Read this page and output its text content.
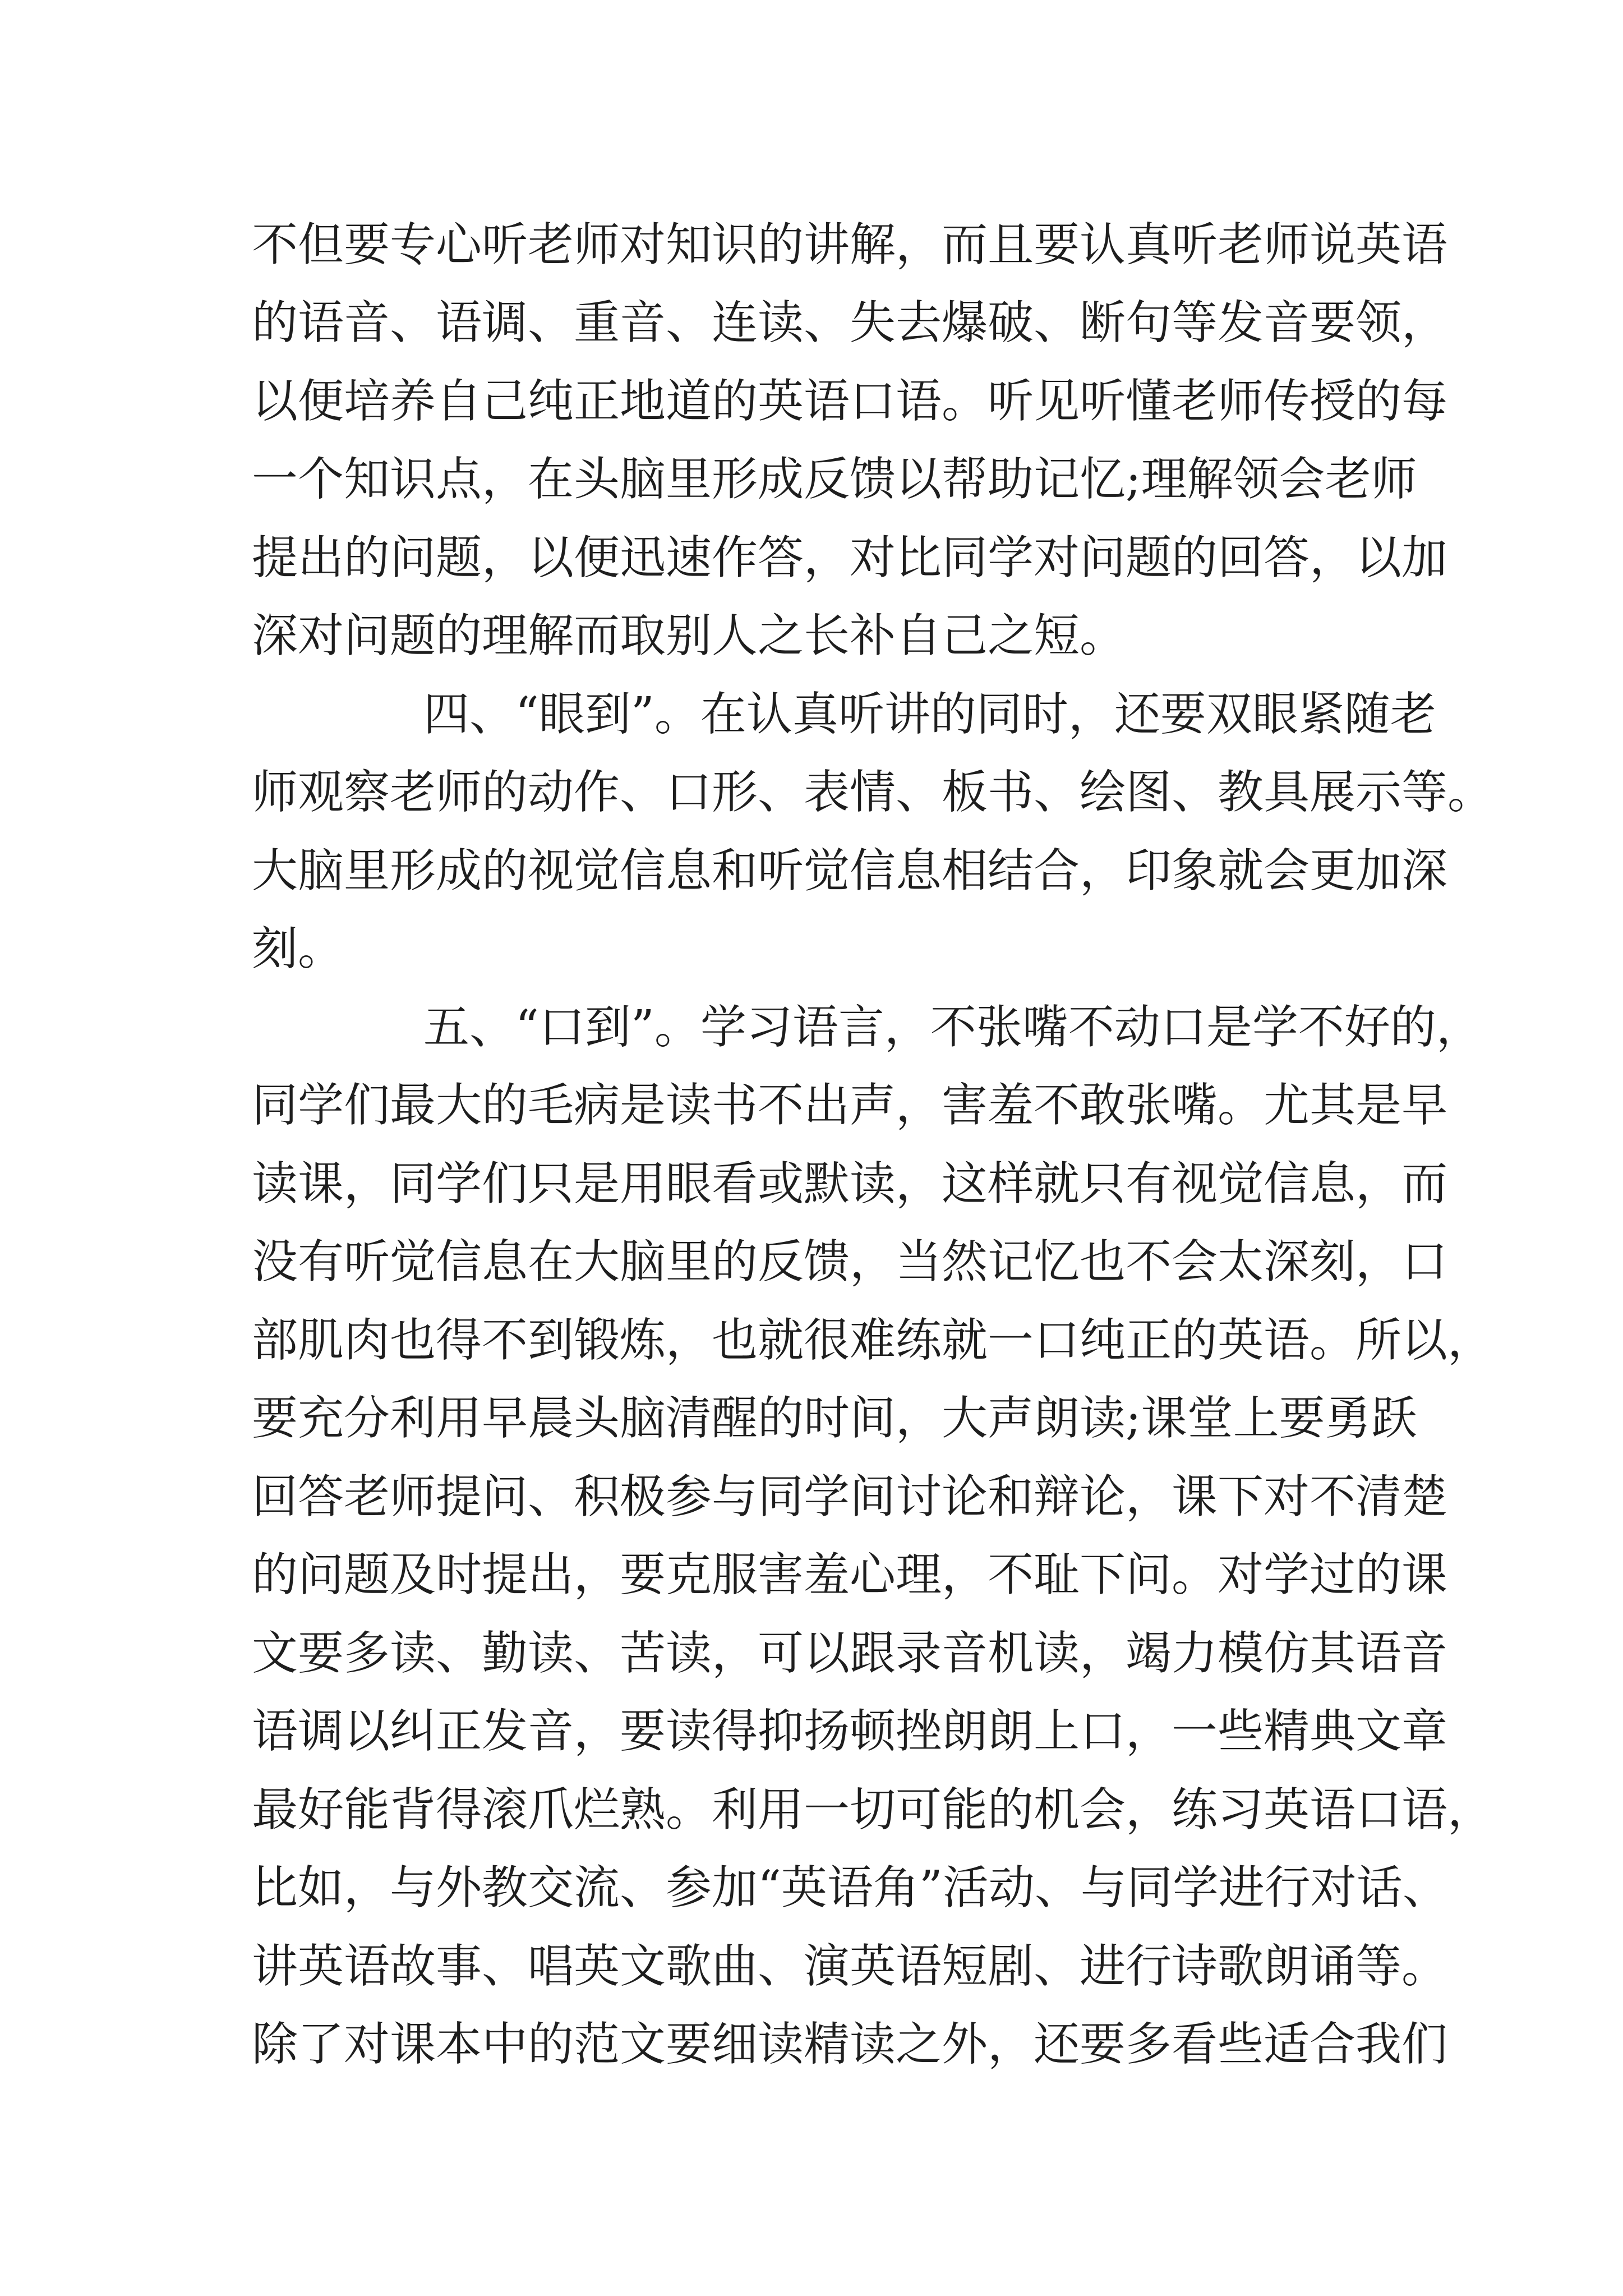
不但要专心听老师对知识的讲解，而且要认真听老师说英语

的语音、语调、重音、连读、失去爆破、断句等发音要领，

以便培养自己纯正地道的英语口语。听见听懂老师传授的每

一个知识点，在头脑里形成反馈以帮助记忆;理解领会老师

提出的问题，以便迅速作答，对比同学对问题的回答，以加

深对问题的理解而取别人之长补自己之短。

四、“眼到”。在认真听讲的同时，还要双眼紧随老

师观察老师的动作、口形、表情、板书、绘图、教具展示等。

大脑里形成的视觉信息和听觉信息相结合，印象就会更加深

刻。

五、“口到”。学习语言，不张嘴不动口是学不好的，

同学们最大的毛病是读书不出声，害羞不敢张嘴。尤其是早

读课，同学们只是用眼看或默读，这样就只有视觉信息，而

没有听觉信息在大脑里的反馈，当然记忆也不会太深刻，口

部肌肉也得不到锻炼，也就很难练就一口纯正的英语。所以，

要充分利用早晨头脑清醒的时间，大声朗读;课堂上要勇跃

回答老师提问、积极参与同学间讨论和辩论，课下对不清楚

的问题及时提出，要克服害羞心理，不耻下问。对学过的课

文要多读、勤读、苦读，可以跟录音机读，竭力模仿其语音

语调以纠正发音，要读得抑扬顿挫朗朗上口，一些精典文章

最好能背得滚爪烂熟。利用一切可能的机会，练习英语口语，

比如，与外教交流、参加“英语角”活动、与同学进行对话、

讲英语故事、唱英文歌曲、演英语短剧、进行诗歌朗诵等。

除了对课本中的范文要细读精读之外，还要多看些适合我们
